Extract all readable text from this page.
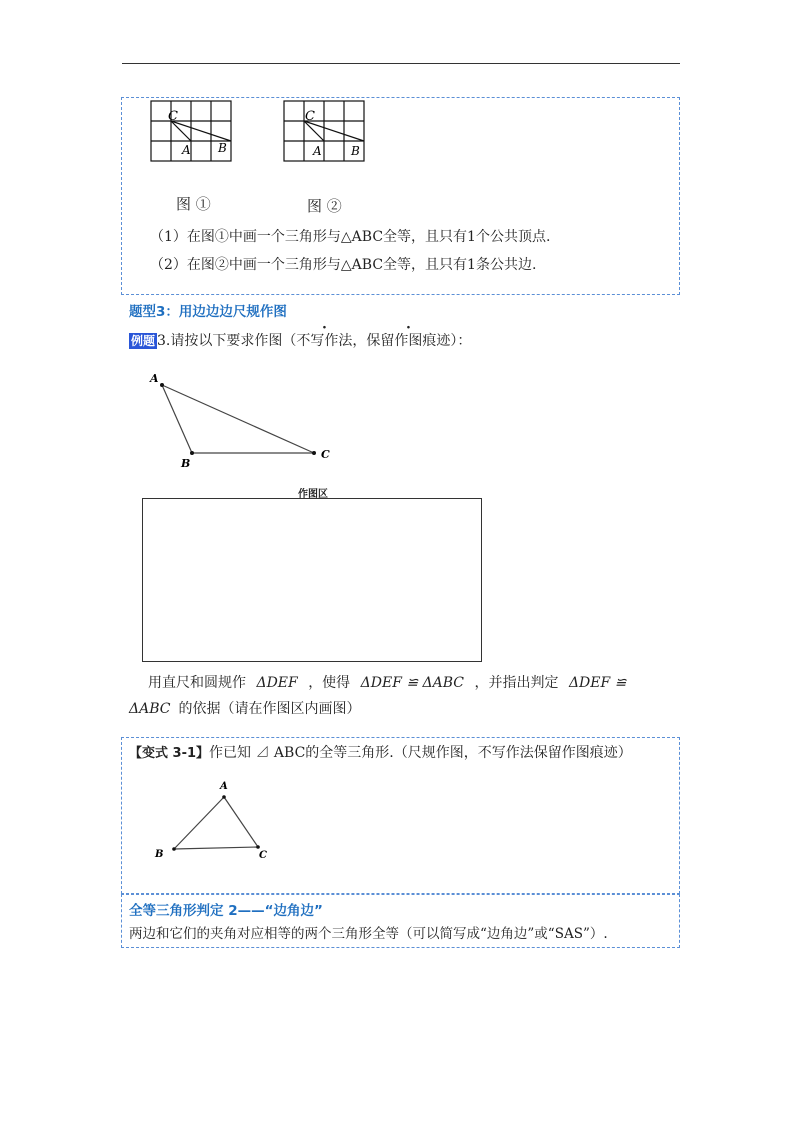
C
A B
C
A B
图 ①	图 ②
（1）在图①中画一个三角形与△ABC全等，且只有1个公共顶点.
（2）在图②中画一个三角形与△ABC全等，且只有1条公共边.
题型3：用边边边尺规作图
例题 3.请按以下要求作图（不写作法，· 保留作图痕迹）：
A
B
C
作图区
用直尺和圆规作 ΔDEF ，使得 ΔDEF ≌ ΔABC ，并指出判定 ΔDEF ≌
ΔABC 的依据（请在作图区内画图）
【变式 3-1】作已知 ⊿ ABC的全等三角形.（尺规作图，不写作法保留作图痕迹）
A
B	C
全等三角形判定 2——“边角边”
两边和它们的夹角对应相等的两个三角形全等（可以简写成“边角边”或“SAS”）.
